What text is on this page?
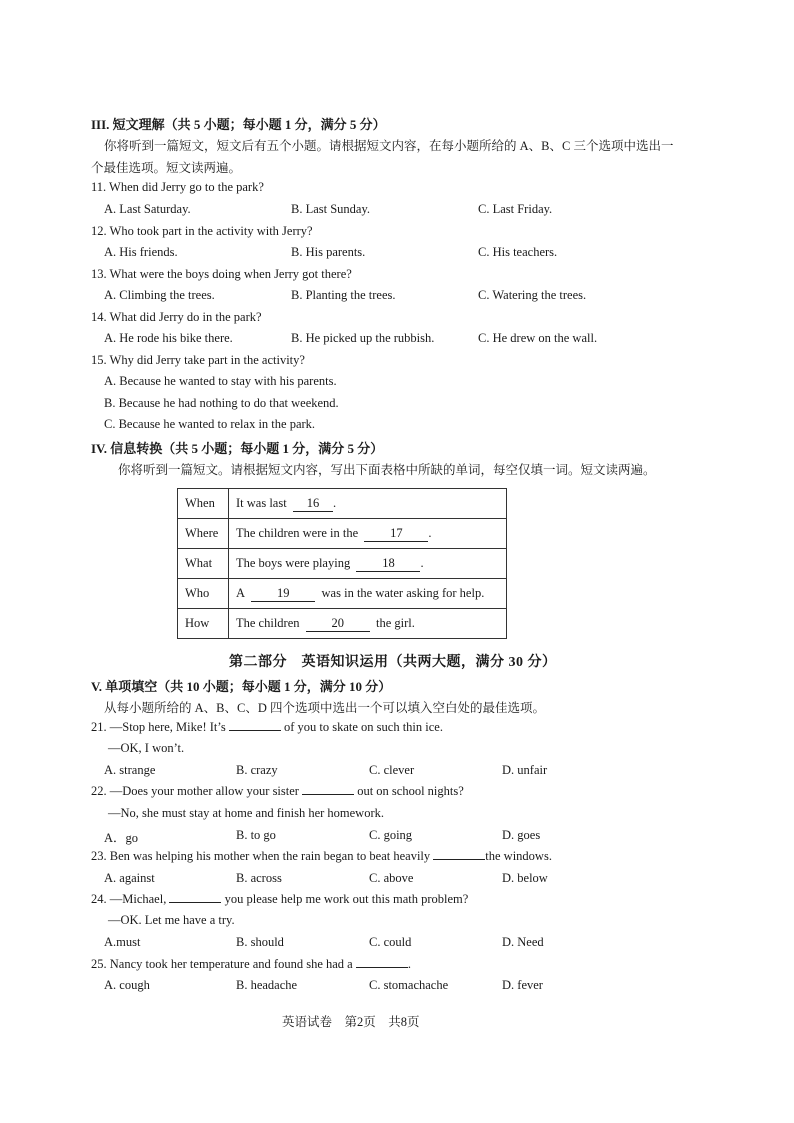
III. 短文理解（共 5 小题；每小题 1 分，满分 5 分）
你将听到一篇短文，短文后有五个小题。请根据短文内容，在每小题所给的 A、B、C 三个选项中选出一
个最佳选项。短文读两遍。
11. When did Jerry go to the park?
A. Last Saturday.	B. Last Sunday.	C. Last Friday.
12. Who took part in the activity with Jerry?
A. His friends.	B. His parents.	C. His teachers.
13. What were the boys doing when Jerry got there?
A. Climbing the trees.	B. Planting the trees.	C. Watering the trees.
14. What did Jerry do in the park?
A. He rode his bike there.	B. He picked up the rubbish.	C. He drew on the wall.
15. Why did Jerry take part in the activity?
A. Because he wanted to stay with his parents.
B. Because he had nothing to do that weekend.
C. Because he wanted to relax in the park.
IV. 信息转换（共 5 小题；每小题 1 分，满分 5 分）
你将听到一篇短文。请根据短文内容，写出下面表格中所缺的单词，每空仅填一词。短文读两遍。
When	It was last 16 .
Where	The children were in the 17 .
What	The boys were playing 18 .
Who	A 19 was in the water asking for help.
How	The children 20 the girl.
第二部分　英语知识运用（共两大题，满分 30 分）
V. 单项填空（共 10 小题；每小题 1 分，满分 10 分）
从每小题所给的 A、B、C、D 四个选项中选出一个可以填入空白处的最佳选项。
21. —Stop here, Mike! It’s	of you to skate on such thin ice.
—OK, I won’t.
A. strange	B. crazy	C. clever	D. unfair
22. —Does your mother allow your sister	out on school nights?
—No, she must stay at home and finish her homework.
A．go	B. to go	C. going	D. goes
23. Ben was helping his mother when the rain began to beat heavily	the windows.
A. against	B. across	C. above	D. below
24. —Michael,	you please help me work out this math problem?
—OK. Let me have a try.
A.must	B. should	C. could	D. Need
25. Nancy took her temperature and found she had a	.
A. cough	B. headache	C. stomachache	D. fever
英语试卷　第2页　共8页
